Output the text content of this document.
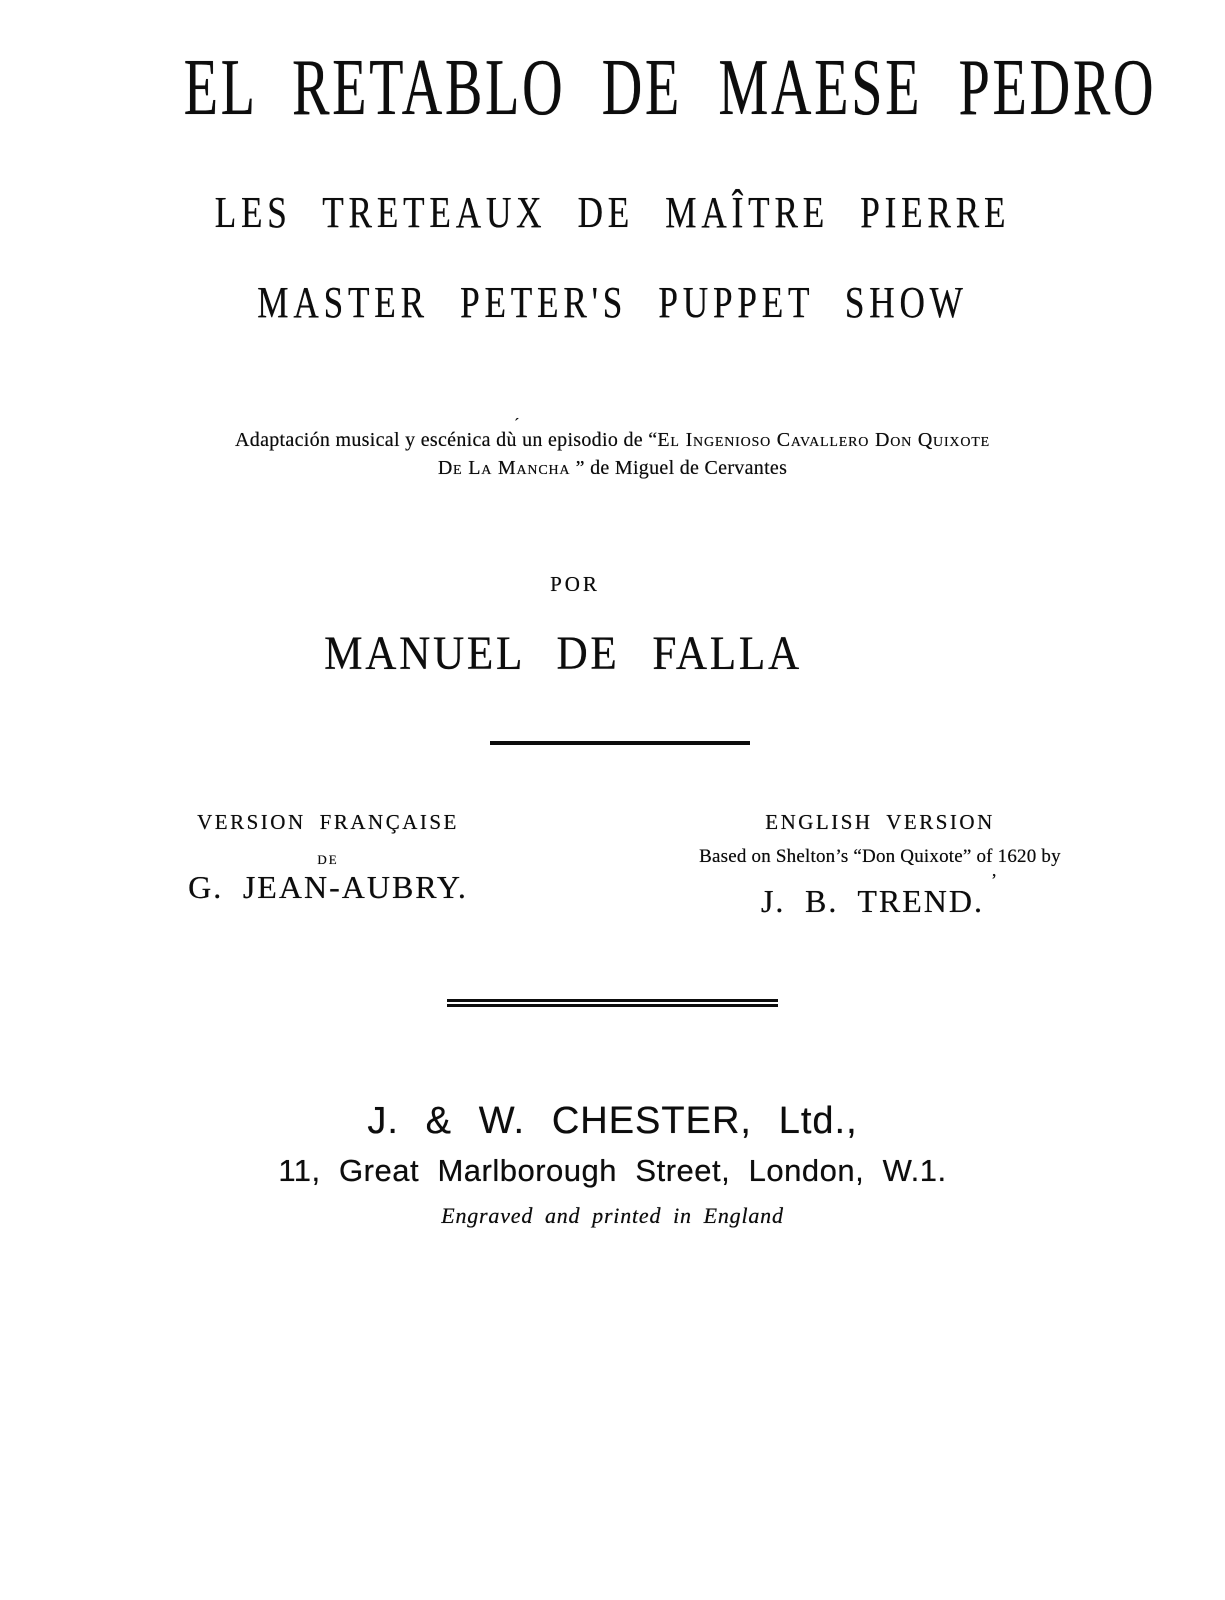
EL RETABLO DE MAESE PEDRO
LES TRETEAUX DE MAÎTRE PIERRE
MASTER PETER'S PUPPET SHOW
Adaptación musical y escénica dù
´
un episodio de “El Ingenioso Cavallero Don Quixote
De La Mancha ” de Miguel de Cervantes
POR
MANUEL DE FALLA
VERSION FRANÇAISE
DE
G. JEAN-AUBRY.
ENGLISH VERSION
Based on Shelton’s “Don Quixote” of 1620 by
J. B. TREND.’
J. & W. CHESTER, Ltd.,
11, Great Marlborough Street, London, W.1.
Engraved and printed in England
